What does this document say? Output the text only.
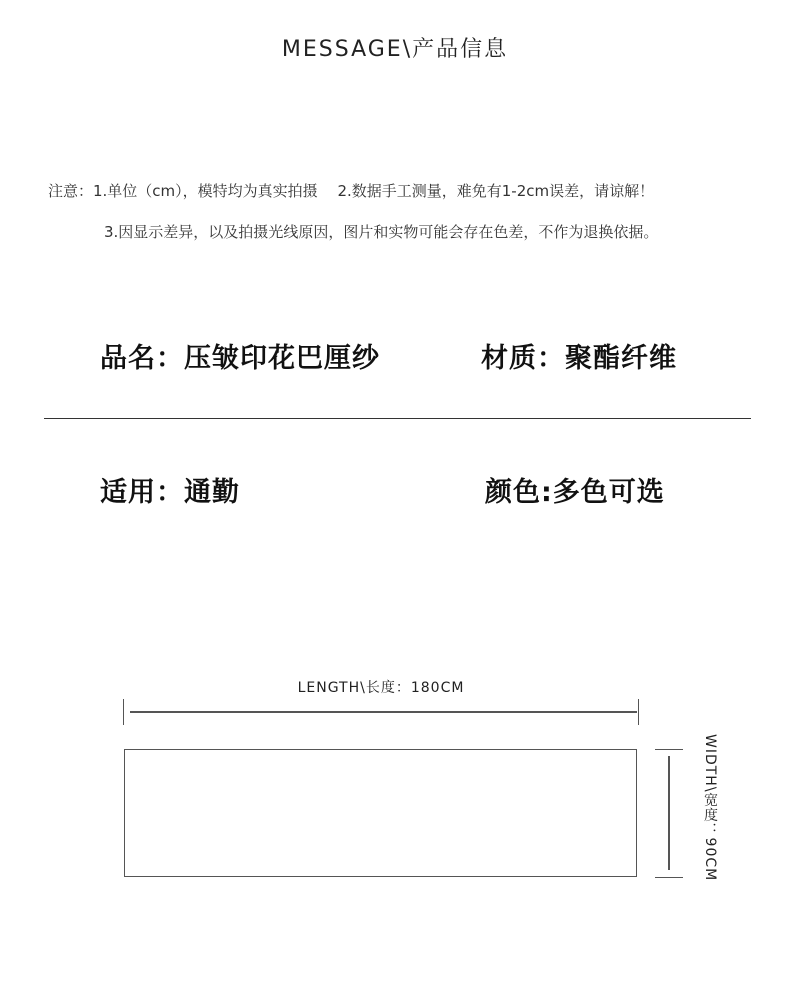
MESSAGE\产品信息
注意：1.单位（cm），模特均为真实拍摄　 2.数据手工测量，难免有1-2cm误差，请谅解！
3.因显示差异，以及拍摄光线原因，图片和实物可能会存在色差，不作为退换依据。
品名：压皱印花巴厘纱	材质：聚酯纤维
适用：通勤	颜色:多色可选
LENGTH\长度：180CM
WIDTH\宽度：90CM
